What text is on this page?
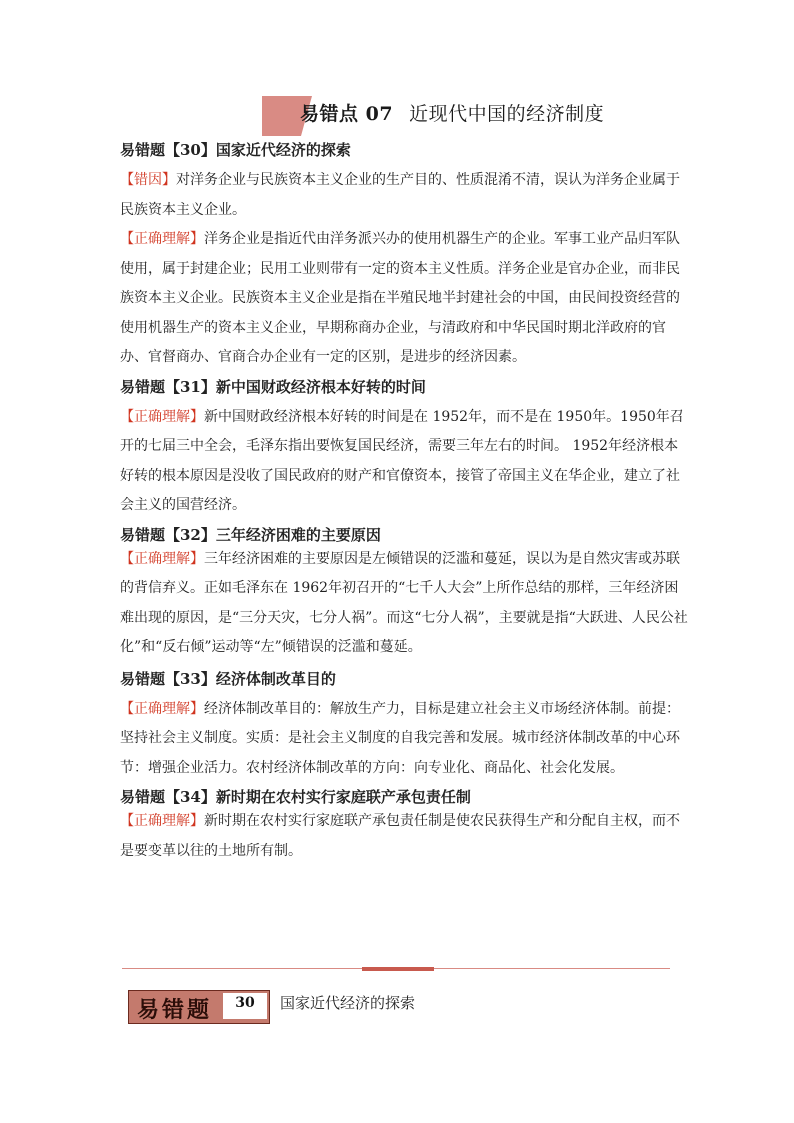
易错点 07 近现代中国的经济制度

易错题【30】国家近代经济的探索

【错因】对洋务企业与民族资本主义企业的生产目的、性质混淆不清，误认为洋务企业属于民族资本主义企业。

【正确理解】洋务企业是指近代由洋务派兴办的使用机器生产的企业。军事工业产品归军队使用，属于封建企业；民用工业则带有一定的资本主义性质。洋务企业是官办企业，而非民族资本主义企业。民族资本主义企业是指在半殖民地半封建社会的中国，由民间投资经营的使用机器生产的资本主义企业，早期称商办企业，与清政府和中华民国时期北洋政府的官办、官督商办、官商合办企业有一定的区别，是进步的经济因素。

易错题【31】新中国财政经济根本好转的时间

【正确理解】新中国财政经济根本好转的时间是在 1952年，而不是在 1950年。1950年召开的七届三中全会，毛泽东指出要恢复国民经济，需要三年左右的时间。 1952年经济根本好转的根本原因是没收了国民政府的财产和官僚资本，接管了帝国主义在华企业，建立了社会主义的国营经济。

易错题【32】三年经济困难的主要原因

【正确理解】三年经济困难的主要原因是左倾错误的泛滥和蔓延，误以为是自然灾害或苏联的背信弃义。正如毛泽东在 1962年初召开的“七千人大会”上所作总结的那样，三年经济困难出现的原因，是“三分天灾，七分人祸”。而这“七分人祸”，主要就是指“大跃进、人民公社化”和“反右倾”运动等“左”倾错误的泛滥和蔓延。

易错题【33】经济体制改革目的

【正确理解】经济体制改革目的：解放生产力，目标是建立社会主义市场经济体制。前提：坚持社会主义制度。实质：是社会主义制度的自我完善和发展。城市经济体制改革的中心环节：增强企业活力。农村经济体制改革的方向：向专业化、商品化、社会化发展。

易错题【34】新时期在农村实行家庭联产承包责任制

【正确理解】新时期在农村实行家庭联产承包责任制是使农民获得生产和分配自主权，而不是要变革以往的土地所有制。

易错题	30	国家近代经济的探索
